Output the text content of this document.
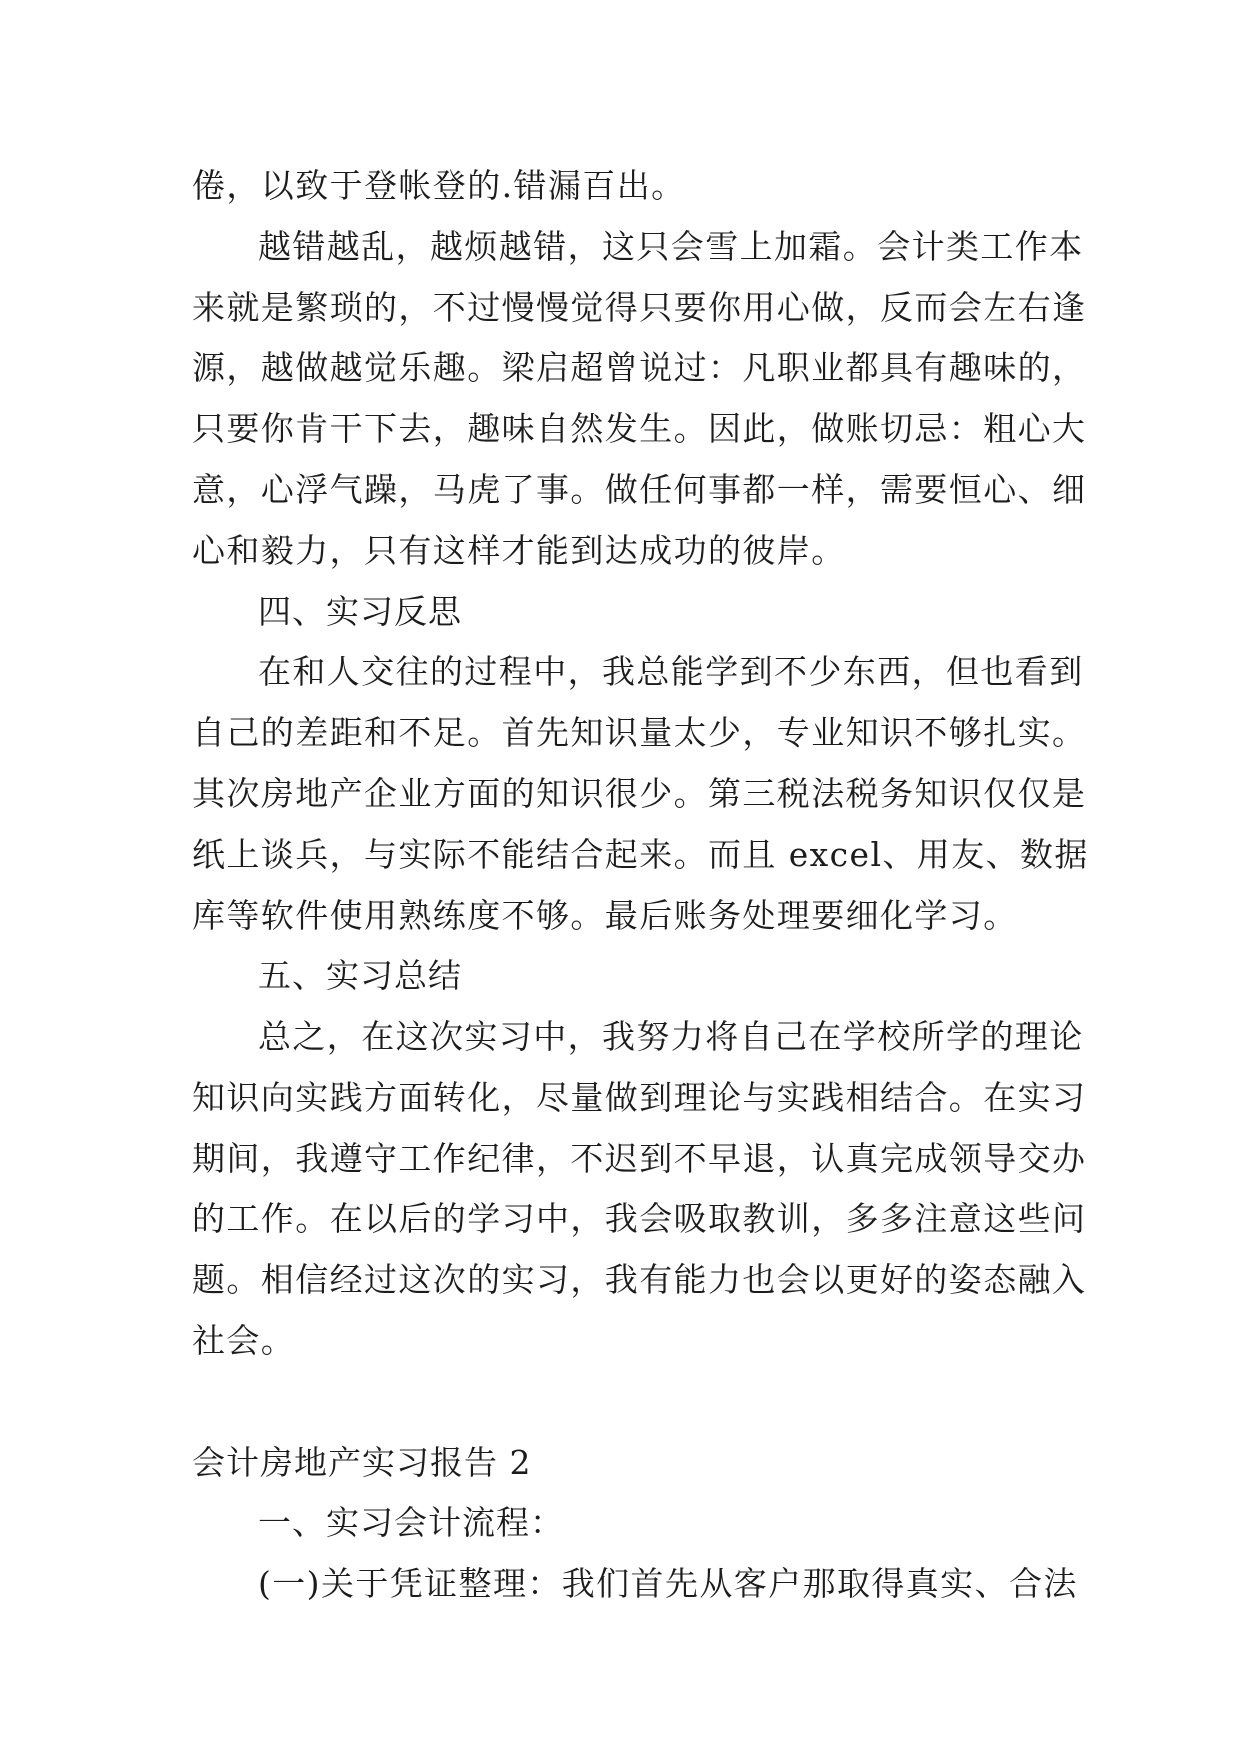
倦，以致于登帐登的.错漏百出。
越错越乱，越烦越错，这只会雪上加霜。会计类工作本
来就是繁琐的，不过慢慢觉得只要你用心做，反而会左右逢
源，越做越觉乐趣。梁启超曾说过：凡职业都具有趣味的，
只要你肯干下去，趣味自然发生。因此，做账切忌：粗心大
意，心浮气躁，马虎了事。做任何事都一样，需要恒心、细
心和毅力，只有这样才能到达成功的彼岸。
四、实习反思
在和人交往的过程中，我总能学到不少东西，但也看到
自己的差距和不足。首先知识量太少，专业知识不够扎实。
其次房地产企业方面的知识很少。第三税法税务知识仅仅是
纸上谈兵，与实际不能结合起来。而且 excel、用友、数据
库等软件使用熟练度不够。最后账务处理要细化学习。
五、实习总结
总之，在这次实习中，我努力将自己在学校所学的理论
知识向实践方面转化，尽量做到理论与实践相结合。在实习
期间，我遵守工作纪律，不迟到不早退，认真完成领导交办
的工作。在以后的学习中，我会吸取教训，多多注意这些问
题。相信经过这次的实习，我有能力也会以更好的姿态融入
社会。
会计房地产实习报告 2
一、实习会计流程：
(一)关于凭证整理：我们首先从客户那取得真实、合法
